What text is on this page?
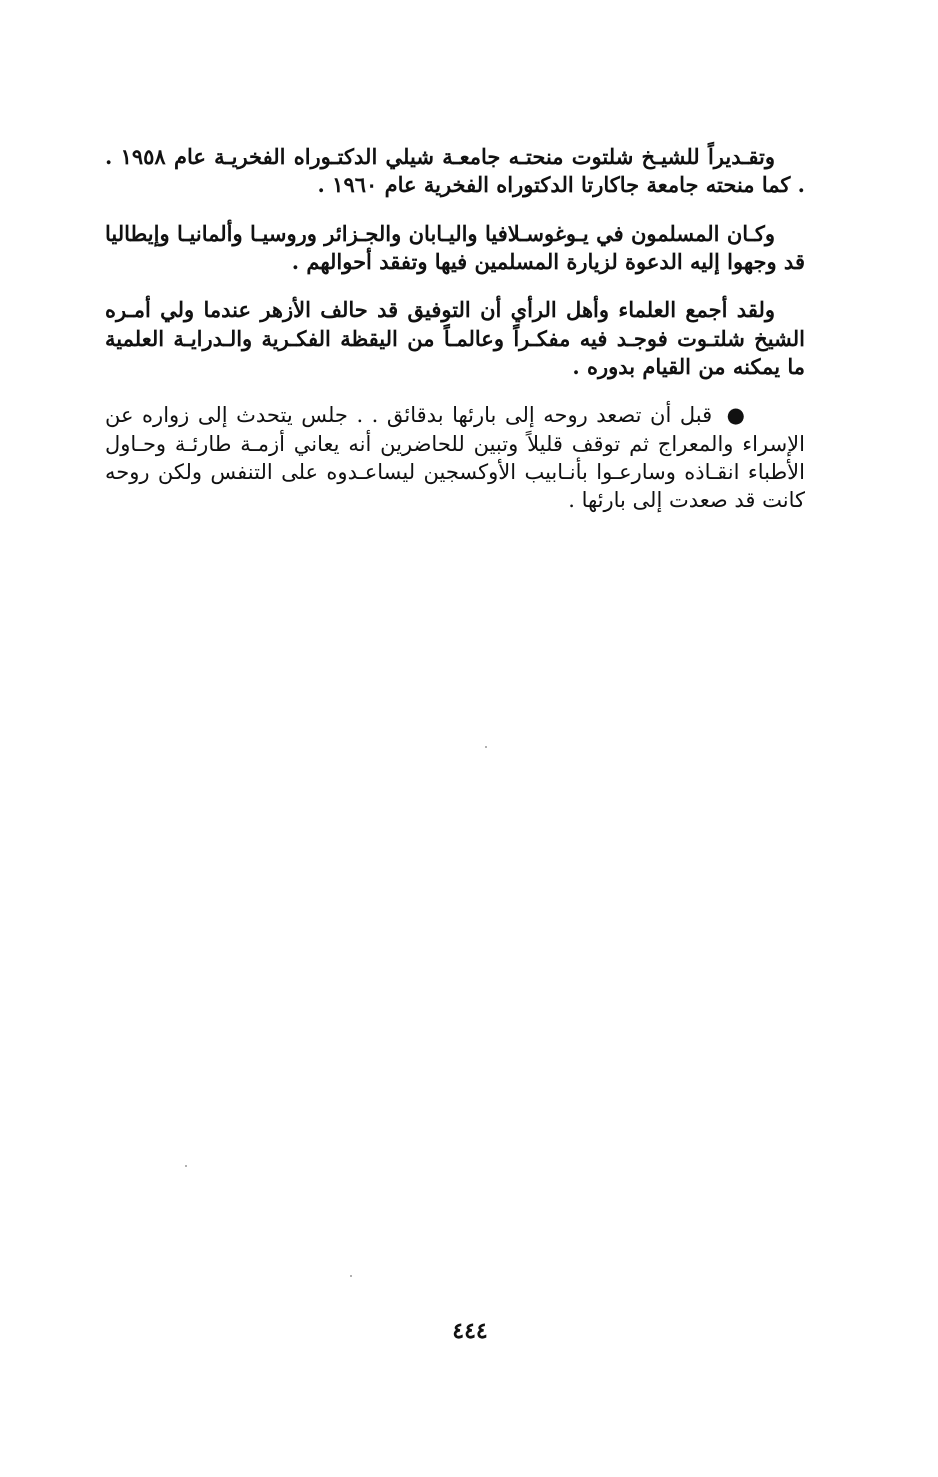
وتقـديراً للشيـخ شلتوت منحتـه جامعـة شيلي الدكتـوراه الفخريـة عام ١٩٥٨ . . كما منحته جامعة جاكارتا الدكتوراه الفخرية عام ١٩٦٠ .

وكـان المسلمون في يـوغوسـلافيا واليـابان والجـزائر وروسيـا وألمانيـا وإيطاليا قد وجهوا إليه الدعوة لزيارة المسلمين فيها وتفقد أحوالهم .

ولقد أجمع العلماء وأهل الرأي أن التوفيق قد حالف الأزهر عندما ولي أمـره الشيخ شلتـوت فوجـد فيه مفكـراً وعالمـاً من اليقظة الفكـرية والـدرايـة العلمية ما يمكنه من القيام بدوره .

● قبل أن تصعد روحه إلى بارئها بدقائق . . جلس يتحدث إلى زواره عن الإسراء والمعراج ثم توقف قليلاً وتبين للحاضرين أنه يعاني أزمـة طارئـة وحـاول الأطباء انقـاذه وسارعـوا بأنـابيب الأوكسجين ليساعـدوه على التنفس ولكن روحه كانت قد صعدت إلى بارئها .

٤٤٤
